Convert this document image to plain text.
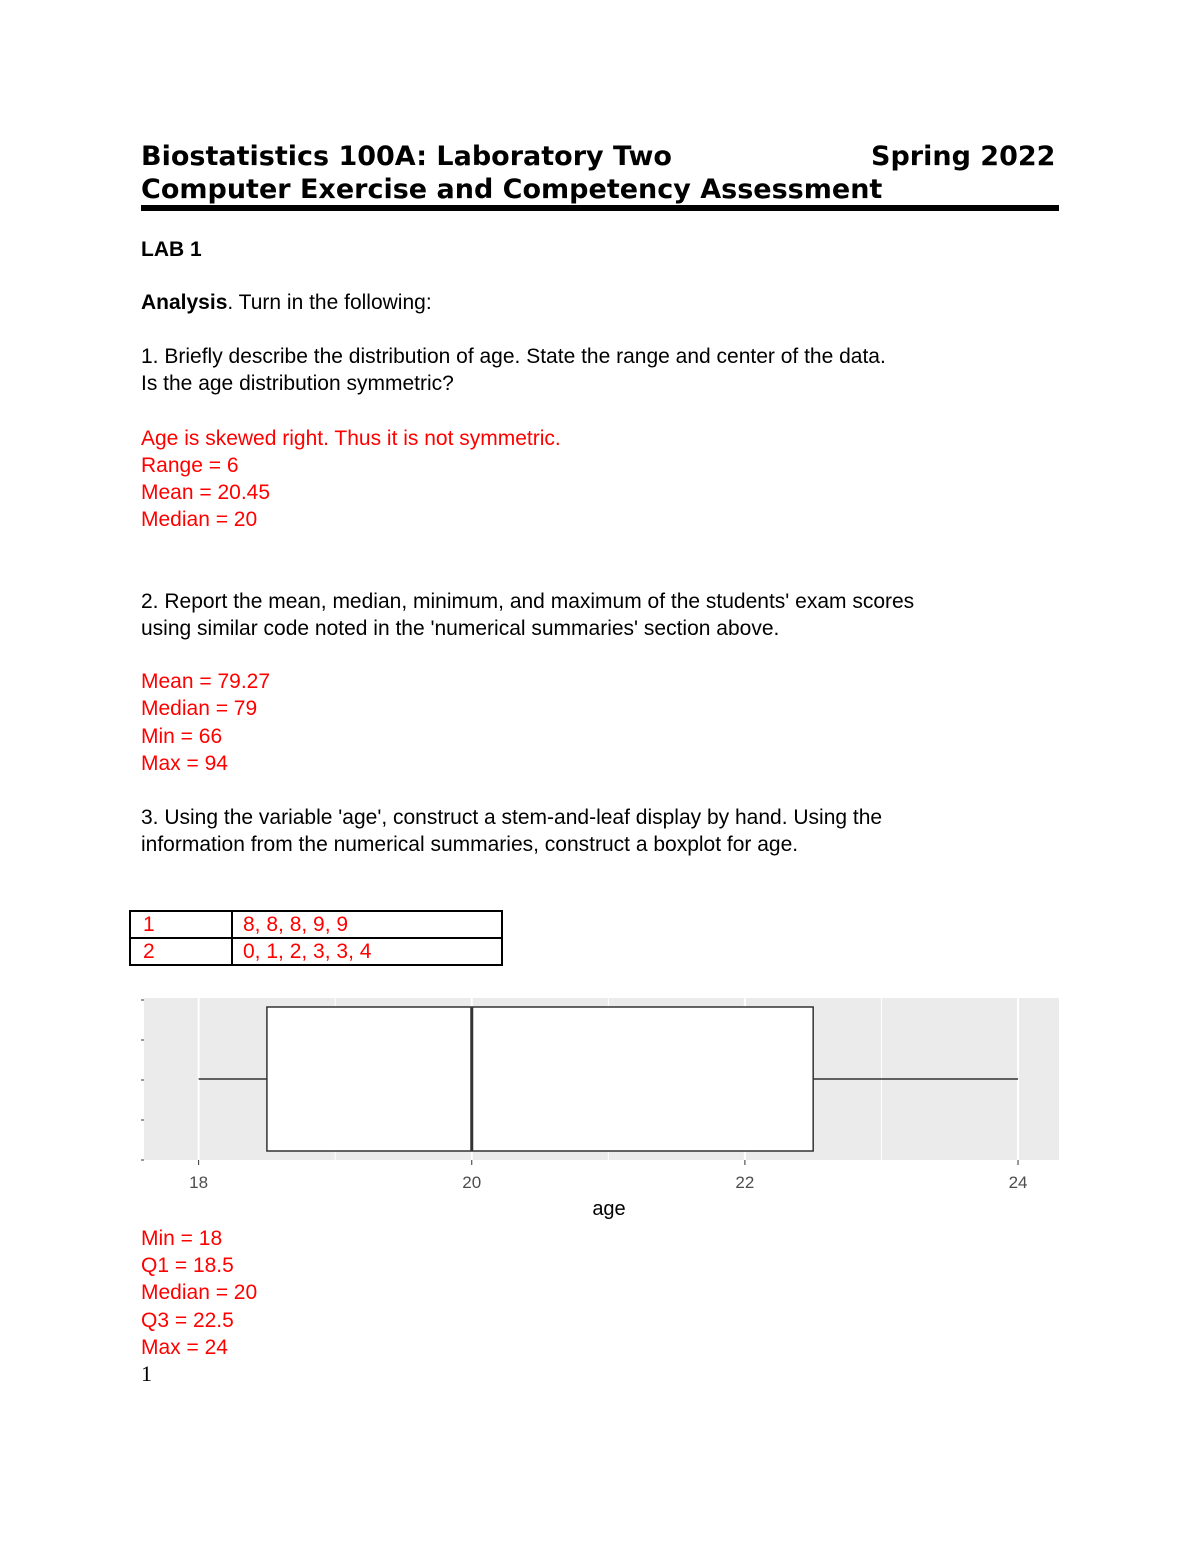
Biostatistics 100A: Laboratory Two	Spring 2022
Computer Exercise and Competency Assessment
LAB 1
Analysis. Turn in the following:
1. Briefly describe the distribution of age. State the range and center of the data.
Is the age distribution symmetric?
Age is skewed right. Thus it is not symmetric.
Range = 6
Mean = 20.45
Median = 20
2. Report the mean, median, minimum, and maximum of the students' exam scores
using similar code noted in the 'numerical summaries' section above.
Mean = 79.27
Median = 79
Min = 66
Max = 94
3. Using the variable 'age', construct a stem-and-leaf display by hand. Using the
information from the numerical summaries, construct a boxplot for age.
1	8, 8, 8, 9, 9
2	0, 1, 2, 3, 3, 4
18	20	22	24
age
Min = 18
Q1 = 18.5
Median = 20
Q3 = 22.5
Max = 24
1
